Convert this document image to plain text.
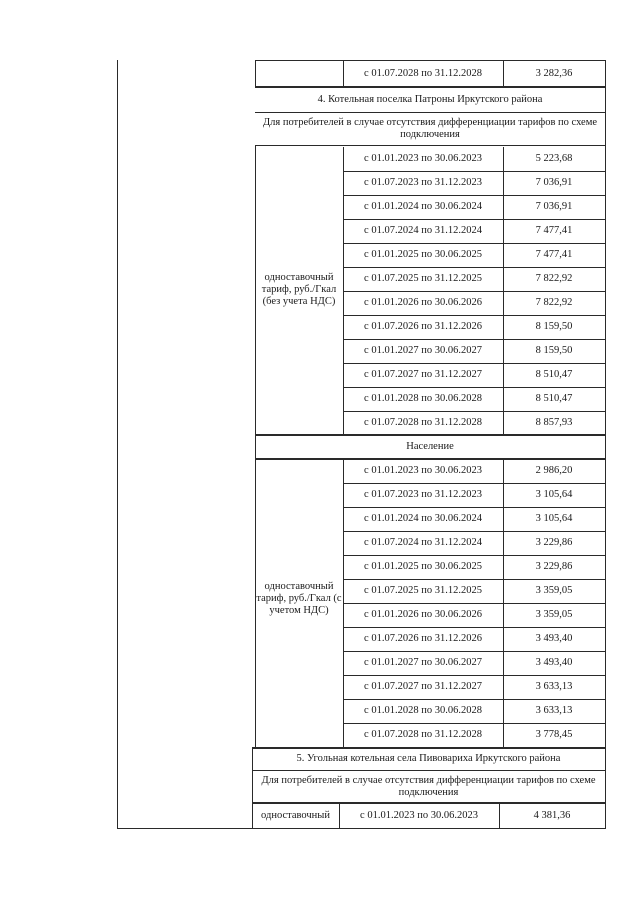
с 01.07.2028 по 31.12.2028	3 282,36
4. Котельная поселка Патроны Иркутского района
Для потребителей в случае отсутствия дифференциации тарифов по схеме подключения
одноставочный тариф, руб./Гкал (без учета НДС)
с 01.01.2023 по 30.06.2023	5 223,68
с 01.07.2023 по 31.12.2023	7 036,91
с 01.01.2024 по 30.06.2024	7 036,91
с 01.07.2024 по 31.12.2024	7 477,41
с 01.01.2025 по 30.06.2025	7 477,41
с 01.07.2025 по 31.12.2025	7 822,92
с 01.01.2026 по 30.06.2026	7 822,92
с 01.07.2026 по 31.12.2026	8 159,50
с 01.01.2027 по 30.06.2027	8 159,50
с 01.07.2027 по 31.12.2027	8 510,47
с 01.01.2028 по 30.06.2028	8 510,47
с 01.07.2028 по 31.12.2028	8 857,93
Население
одноставочный тариф, руб./Гкал (с учетом НДС)
с 01.01.2023 по 30.06.2023	2 986,20
с 01.07.2023 по 31.12.2023	3 105,64
с 01.01.2024 по 30.06.2024	3 105,64
с 01.07.2024 по 31.12.2024	3 229,86
с 01.01.2025 по 30.06.2025	3 229,86
с 01.07.2025 по 31.12.2025	3 359,05
с 01.01.2026 по 30.06.2026	3 359,05
с 01.07.2026 по 31.12.2026	3 493,40
с 01.01.2027 по 30.06.2027	3 493,40
с 01.07.2027 по 31.12.2027	3 633,13
с 01.01.2028 по 30.06.2028	3 633,13
с 01.07.2028 по 31.12.2028	3 778,45
5. Угольная котельная села Пивовариха Иркутского района
Для потребителей в случае отсутствия дифференциации тарифов по схеме подключения
одноставочный	с 01.01.2023 по 30.06.2023	4 381,36
